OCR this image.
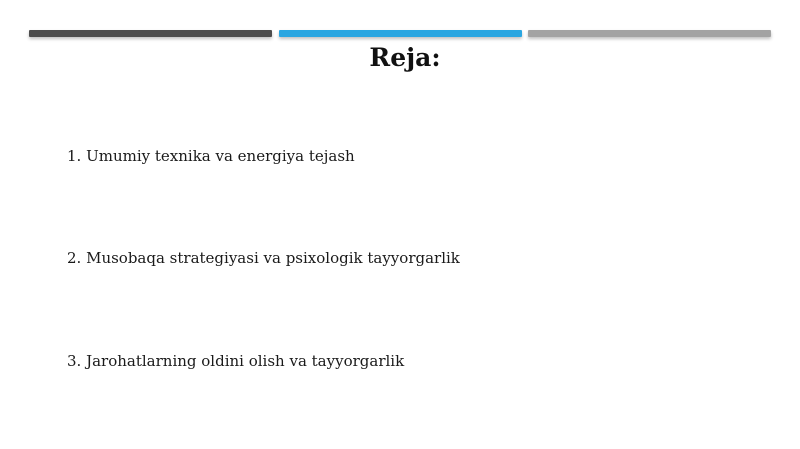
Reja:
1. Umumiy texnika va energiya tejash
2. Musobaqa strategiyasi va psixologik tayyorgarlik
3. Jarohatlarning oldini olish va tayyorgarlik
